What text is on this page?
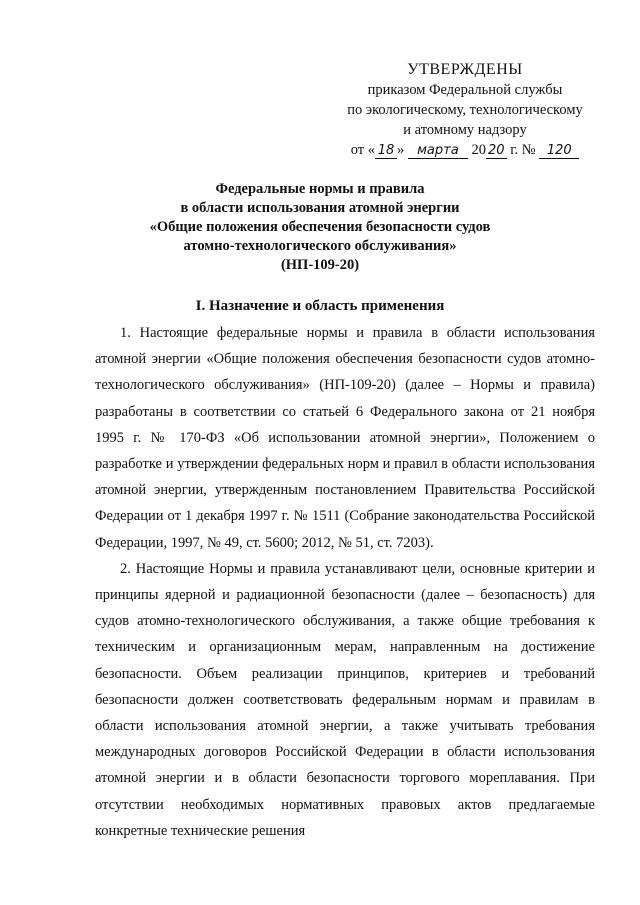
УТВЕРЖДЕНЫ
приказом Федеральной службы
по экологическому, технологическому
и атомному надзору
от « 18 » марта 20 20 г. № 120
Федеральные нормы и правила
в области использования атомной энергии
«Общие положения обеспечения безопасности судов
атомно-технологического обслуживания»
(НП-109-20)
I. Назначение и область применения

1. Настоящие федеральные нормы и правила в области использования атомной энергии «Общие положения обеспечения безопасности судов атомно-технологического обслуживания» (НП-109-20) (далее – Нормы и правила) разработаны в соответствии со статьей 6 Федерального закона от 21 ноября 1995 г. № 170-ФЗ «Об использовании атомной энергии», Положением о разработке и утверждении федеральных норм и правил в области использования атомной энергии, утвержденным постановлением Правительства Российской Федерации от 1 декабря 1997 г. № 1511 (Собрание законодательства Российской Федерации, 1997, № 49, ст. 5600; 2012, № 51, ст. 7203).

2. Настоящие Нормы и правила устанавливают цели, основные критерии и принципы ядерной и радиационной безопасности (далее – безопасность) для судов атомно-технологического обслуживания, а также общие требования к техническим и организационным мерам, направленным на достижение безопасности. Объем реализации принципов, критериев и требований безопасности должен соответствовать федеральным нормам и правилам в области использования атомной энергии, а также учитывать требования международных договоров Российской Федерации в области использования атомной энергии и в области безопасности торгового мореплавания. При отсутствии необходимых нормативных правовых актов предлагаемые конкретные технические решения
